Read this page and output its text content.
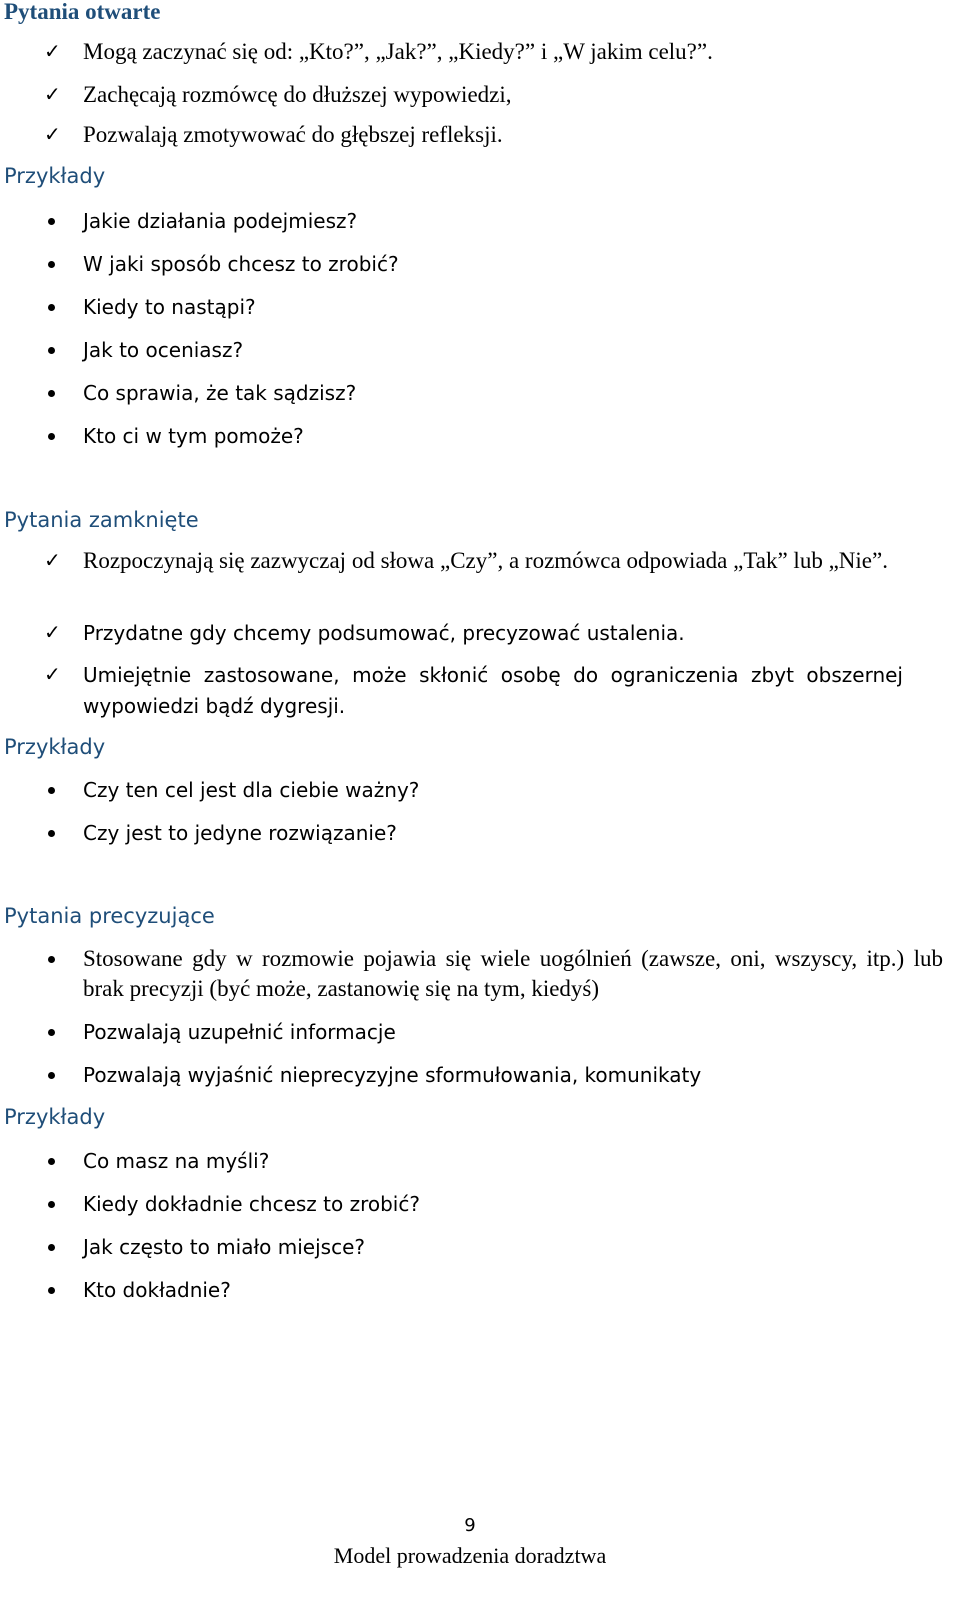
Pytania otwarte
✓ Mogą zaczynać się od: „Kto?”, „Jak?”, „Kiedy?” i „W jakim celu?”.
✓ Zachęcają rozmówcę do dłuższej wypowiedzi,
✓ Pozwalają zmotywować do głębszej refleksji.
Przykłady
Jakie działania podejmiesz?
W jaki sposób chcesz to zrobić?
Kiedy to nastąpi?
Jak to oceniasz?
Co sprawia, że tak sądzisz?
Kto ci w tym pomoże?
Pytania zamknięte
✓ Rozpoczynają się zazwyczaj od słowa „Czy”, a rozmówca odpowiada „Tak” lub „Nie”.
✓ Przydatne gdy chcemy podsumować, precyzować ustalenia.
✓ Umiejętnie zastosowane, może skłonić osobę do ograniczenia zbyt obszernej wypowiedzi bądź dygresji.
Przykłady
Czy ten cel jest dla ciebie ważny?
Czy jest to jedyne rozwiązanie?
Pytania precyzujące
Stosowane gdy w rozmowie pojawia się wiele uogólnień (zawsze, oni, wszyscy, itp.) lub brak precyzji (być może, zastanowię się na tym, kiedyś)
Pozwalają uzupełnić informacje
Pozwalają wyjaśnić nieprecyzyjne sformułowania, komunikaty
Przykłady
Co masz na myśli?
Kiedy dokładnie chcesz to zrobić?
Jak często to miało miejsce?
Kto dokładnie?
9
Model prowadzenia doradztwa
